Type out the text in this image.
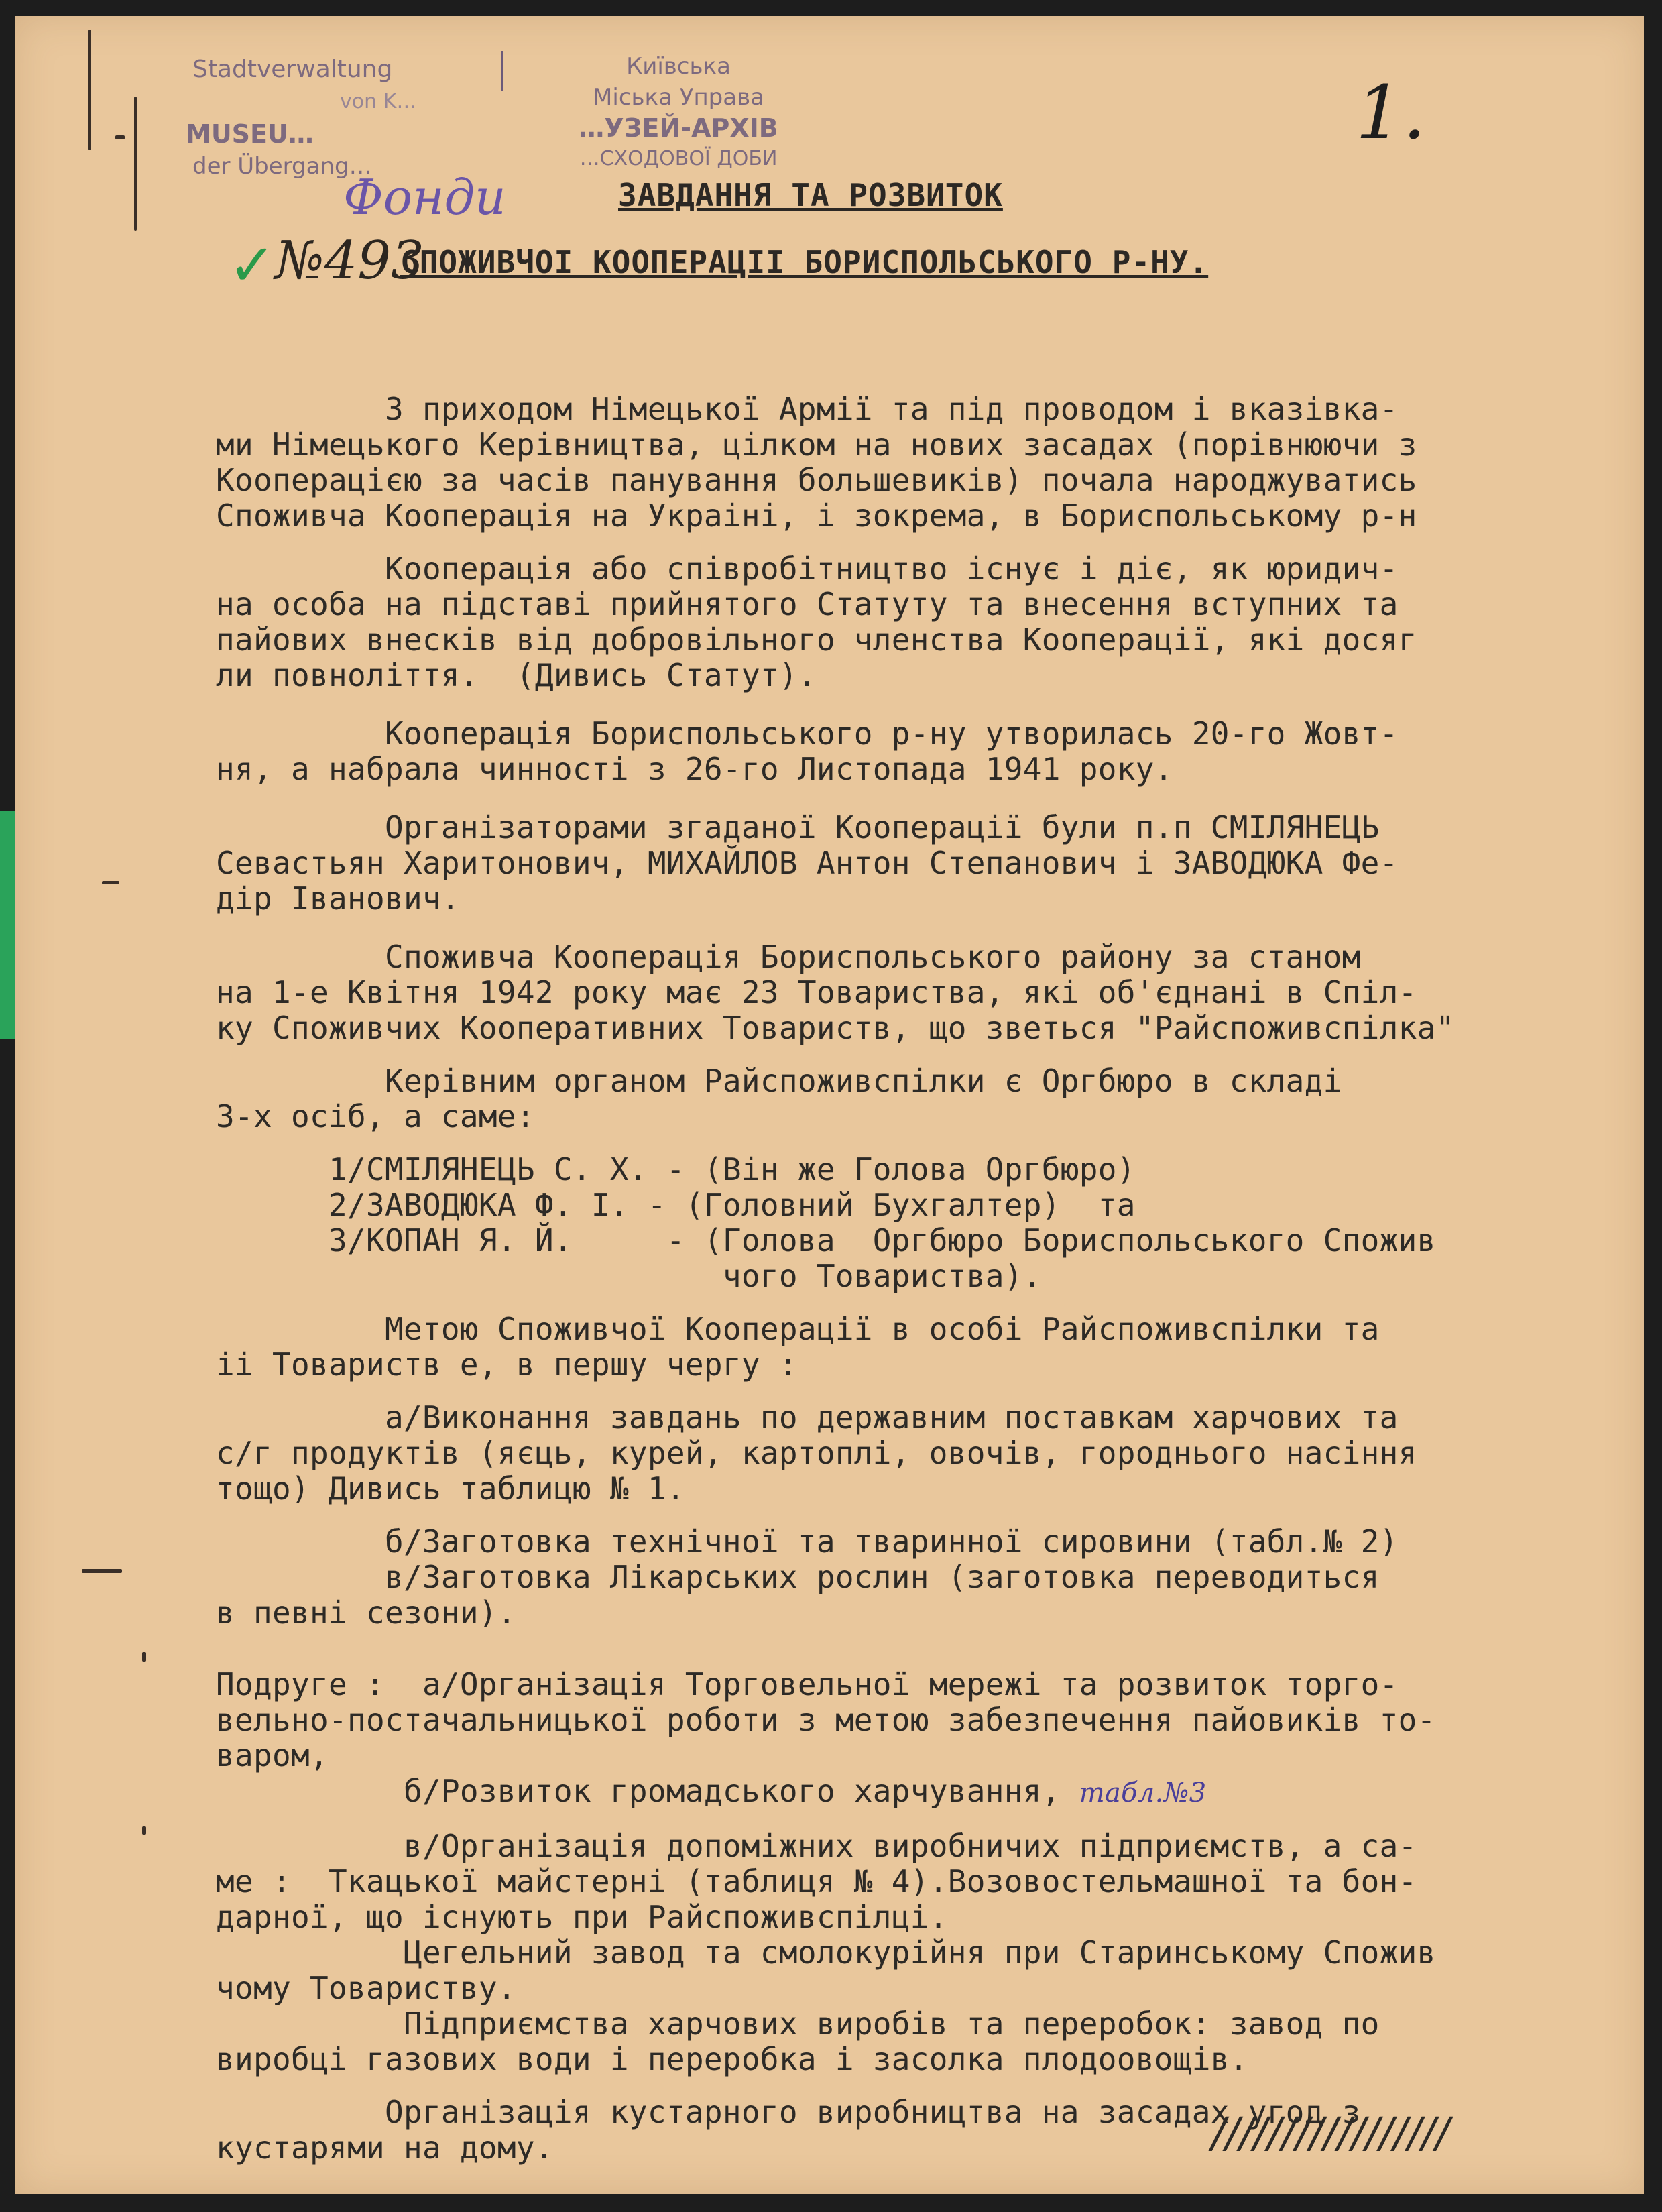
Stadtverwaltung
von K…
MUSEU…
der Übergang…
Київська
Міська Управа
…УЗЕЙ-АРХІВ
…СХОДОВОЇ ДОБИ
1.
Фонди
✓
№493
ЗАВДАННЯ ТА РОЗВИТОК
СПОЖИВЧОІ КООПЕРАЦІІ БОРИСПОЛЬСЬКОГО Р-НУ.

З приходом Німецької Армії та під проводом і вказівка-
ми Німецького Керівництва, цілком на нових засадах (порівнюючи з
Кооперацією за часів панування большевиків) почала народжуватись
Споживча Кооперація на Украіні, і зокрема, в Бориспольському р-н

Кооперація або співробітництво існує і діє, як юридич-
на особа на підставі прийнятого Статуту та внесення вступних та
пайових внесків від добровільного членства Кооперації, які досяг
ли повноліття.  (Дивись Статут).

Кооперація Бориспольського р-ну утворилась 20-го Жовт-
ня, а набрала чинності з 26-го Листопада 1941 року.

Організаторами згаданої Кооперації були п.п СМІЛЯНЕЦЬ
Севастьян Харитонович, МИХАЙЛОВ Антон Степанович і ЗАВОДЮКА Фе-
дір Іванович.

Споживча Кооперація Бориспольського району за станом
на 1-е Квітня 1942 року має 23 Товариства, які об'єднані в Спіл-
ку Споживчих Кооперативних Товариств, що зветься "Райспоживспілка"

Керівним органом Райспоживспілки є Оргбюро в складі
3-х осіб, а саме:

1/СМІЛЯНЕЦЬ С. Х. - (Він же Голова Оргбюро)
2/ЗАВОДЮКА Ф. І. - (Головний Бухгалтер)  та
3/КОПАН Я. Й.     - (Голова  Оргбюро Бориспольського Спожив
чого Товариства).

Метою Споживчої Кооперації в особі Райспоживспілки та
іі Товариств е, в першу чергу :

а/Виконання завдань по державним поставкам харчових та
с/г продуктів (яєць, курей, картоплі, овочів, городнього насіння
тощо) Дивись таблицю № 1.

б/Заготовка технічної та тваринної сировини (табл.№ 2)
в/Заготовка Лікарських рослин (заготовка переводиться
в певні сезони).

Подруге :  а/Організація Торговельної мережі та розвиток торго-
вельно-постачальницької роботи з метою забезпечення пайовиків то-
варом,

б/Розвиток громадського харчування, табл.№3

в/Організація допоміжних виробничих підприємств, а са-
ме :  Ткацької майстерні (таблиця № 4).Возовостельмашної та бон-
дарної, що існують при Райспоживспілці.
Цегельний завод та смолокурійня при Старинському Спожив
чому Товариству.
Підприємства харчових виробів та переробок: завод по
виробці газових води і переробка і засолка плодоовощів.

Організація кустарного виробництва на засадах угод з
кустарями на дому.	/////////////////
